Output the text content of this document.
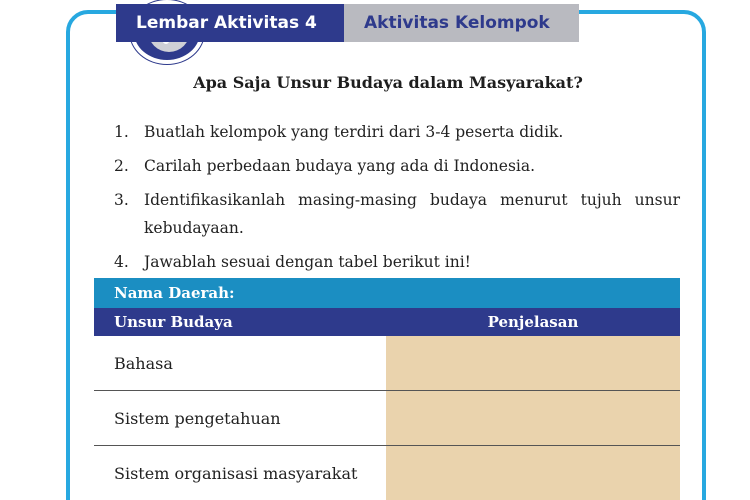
Lembar Aktivitas 4	Aktivitas Kelompok
Apa Saja Unsur Budaya dalam Masyarakat?
1. Buatlah kelompok yang terdiri dari 3-4 peserta didik.
2. Carilah perbedaan budaya yang ada di Indonesia.
3. Identifikasikanlah masing-masing budaya menurut tujuh unsur
kebudayaan.
4. Jawablah sesuai dengan tabel berikut ini!
Nama Daerah:
Unsur Budaya	Penjelasan
Bahasa
Sistem pengetahuan
Sistem organisasi masyarakat
